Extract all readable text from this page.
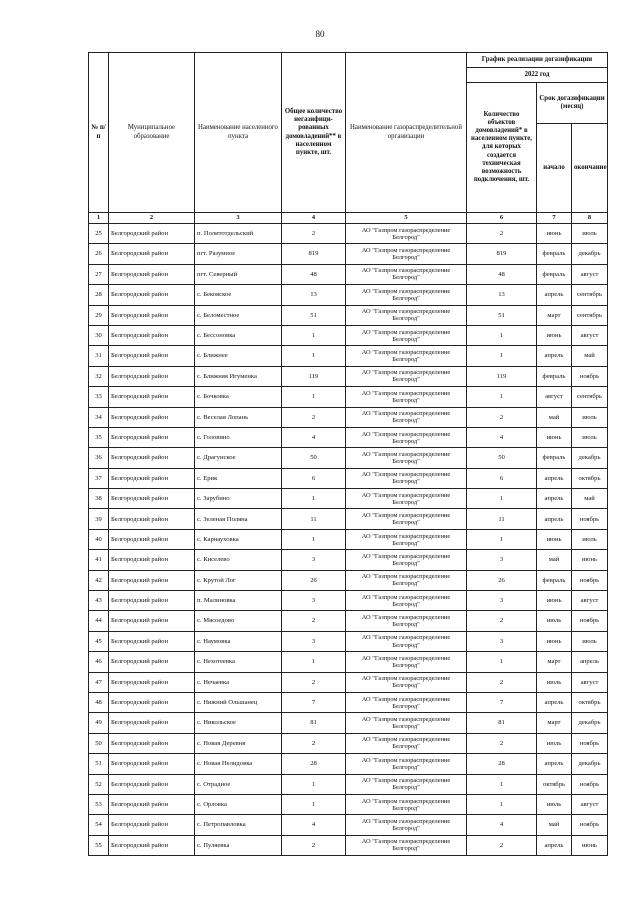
80
№ п/п	Муниципальное образование	Наименование населенного пункта	Общее количество негазифици-рованных домовладений** в населенном пункте, шт.	Наименование газораспределительной организации	График реализации догазификации		
					2022 год		
					Количество объектов домовладений* в населенном пункте, для которых создается техническая возможность подключения, шт.	Срок догазификации (месяц)	
						начало	окончание
1	2	3	4	5	6	7	8
25	Белгородский район	п. Политотдельский	2	АО "Газпром газораспределение Белгород"	2	июнь	июль
26	Белгородский район	пгт. Разумное	819	АО "Газпром газораспределение Белгород"	819	февраль	декабрь
27	Белгородский район	пгт. Северный	48	АО "Газпром газораспределение Белгород"	48	февраль	август
28	Белгородский район	с. Бековское	13	АО "Газпром газораспределение Белгород"	13	апрель	сентябрь
29	Белгородский район	с. Беломестное	51	АО "Газпром газораспределение Белгород"	51	март	сентябрь
30	Белгородский район	с. Бессоновка	1	АО "Газпром газораспределение Белгород"	1	июнь	август
31	Белгородский район	с. Ближнее	1	АО "Газпром газораспределение Белгород"	1	апрель	май
32	Белгородский район	с. Ближняя Игуменка	119	АО "Газпром газораспределение Белгород"	119	февраль	ноябрь
33	Белгородский район	с. Бочковка	1	АО "Газпром газораспределение Белгород"	1	август	сентябрь
34	Белгородский район	с. Веселая Лопань	2	АО "Газпром газораспределение Белгород"	2	май	июль
35	Белгородский район	с. Головино	4	АО "Газпром газораспределение Белгород"	4	июнь	июль
36	Белгородский район	с. Драгунское	50	АО "Газпром газораспределение Белгород"	50	февраль	декабрь
37	Белгородский район	с. Ерик	6	АО "Газпром газораспределение Белгород"	6	апрель	октябрь
38	Белгородский район	с. Зарубино	1	АО "Газпром газораспределение Белгород"	1	апрель	май
39	Белгородский район	с. Зеленая Поляна	11	АО "Газпром газораспределение Белгород"	11	апрель	ноябрь
40	Белгородский район	с. Карнауховка	1	АО "Газпром газораспределение Белгород"	1	июнь	июль
41	Белгородский район	с. Киселево	3	АО "Газпром газораспределение Белгород"	3	май	июнь
42	Белгородский район	с. Крутой Лог	26	АО "Газпром газораспределение Белгород"	26	февраль	ноябрь
43	Белгородский район	п. Малиновка	3	АО "Газпром газораспределение Белгород"	3	июнь	август
44	Белгородский район	с. Мясоедово	2	АО "Газпром газораспределение Белгород"	2	июль	ноябрь
45	Белгородский район	с. Наумовка	3	АО "Газпром газораспределение Белгород"	3	июнь	июль
46	Белгородский район	с. Нехотеевка	1	АО "Газпром газораспределение Белгород"	1	март	апрель
47	Белгородский район	с. Нечаевка	2	АО "Газпром газораспределение Белгород"	2	июль	август
48	Белгородский район	с. Нижний Ольшанец	7	АО "Газпром газораспределение Белгород"	7	апрель	октябрь
49	Белгородский район	с. Никольское	81	АО "Газпром газораспределение Белгород"	81	март	декабрь
50	Белгородский район	с. Новая Деревня	2	АО "Газпром газораспределение Белгород"	2	июль	ноябрь
51	Белгородский район	с. Новая Нелидовка	28	АО "Газпром газораспределение Белгород"	28	апрель	декабрь
52	Белгородский район	с. Отрадное	1	АО "Газпром газораспределение Белгород"	1	октябрь	ноябрь
53	Белгородский район	с. Орловка	1	АО "Газпром газораспределение Белгород"	1	июль	август
54	Белгородский район	с. Петропавловка	4	АО "Газпром газораспределение Белгород"	4	май	ноябрь
55	Белгородский район	с. Пуляевка	2	АО "Газпром газораспределение Белгород"	2	апрель	июнь
